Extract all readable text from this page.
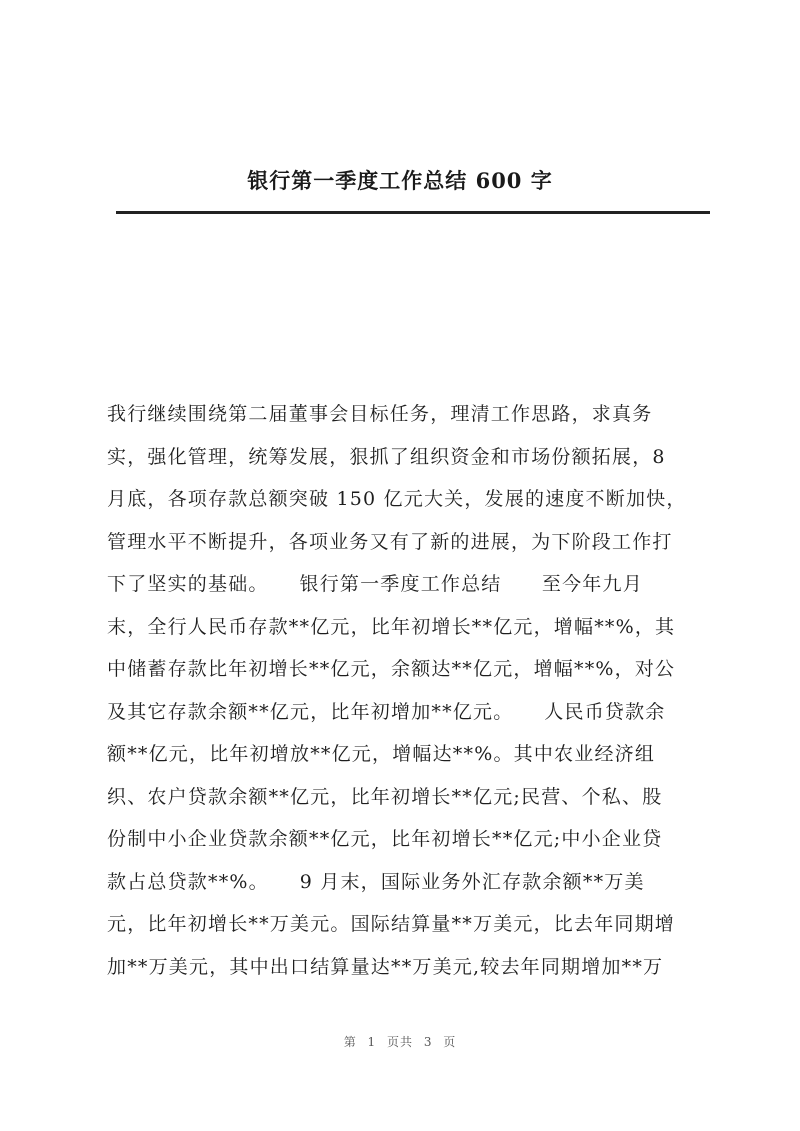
银行第一季度工作总结 600 字
我行继续围绕第二届董事会目标任务，理清工作思路，求真务
实，强化管理，统筹发展，狠抓了组织资金和市场份额拓展，8
月底，各项存款总额突破 150 亿元大关，发展的速度不断加快，
管理水平不断提升，各项业务又有了新的进展，为下阶段工作打
下了坚实的基础。　　银行第一季度工作总结　　至今年九月
末，全行人民币存款**亿元，比年初增长**亿元，增幅**%，其
中储蓄存款比年初增长**亿元，余额达**亿元，增幅**%，对公
及其它存款余额**亿元，比年初增加**亿元。　　人民币贷款余
额**亿元，比年初增放**亿元，增幅达**%。其中农业经济组
织、农户贷款余额**亿元，比年初增长**亿元;民营、个私、股
份制中小企业贷款余额**亿元，比年初增长**亿元;中小企业贷
款占总贷款**%。　　9 月末，国际业务外汇存款余额**万美
元，比年初增长**万美元。国际结算量**万美元，比去年同期增
加**万美元，其中出口结算量达**万美元,较去年同期增加**万
第 1 页共 3 页
